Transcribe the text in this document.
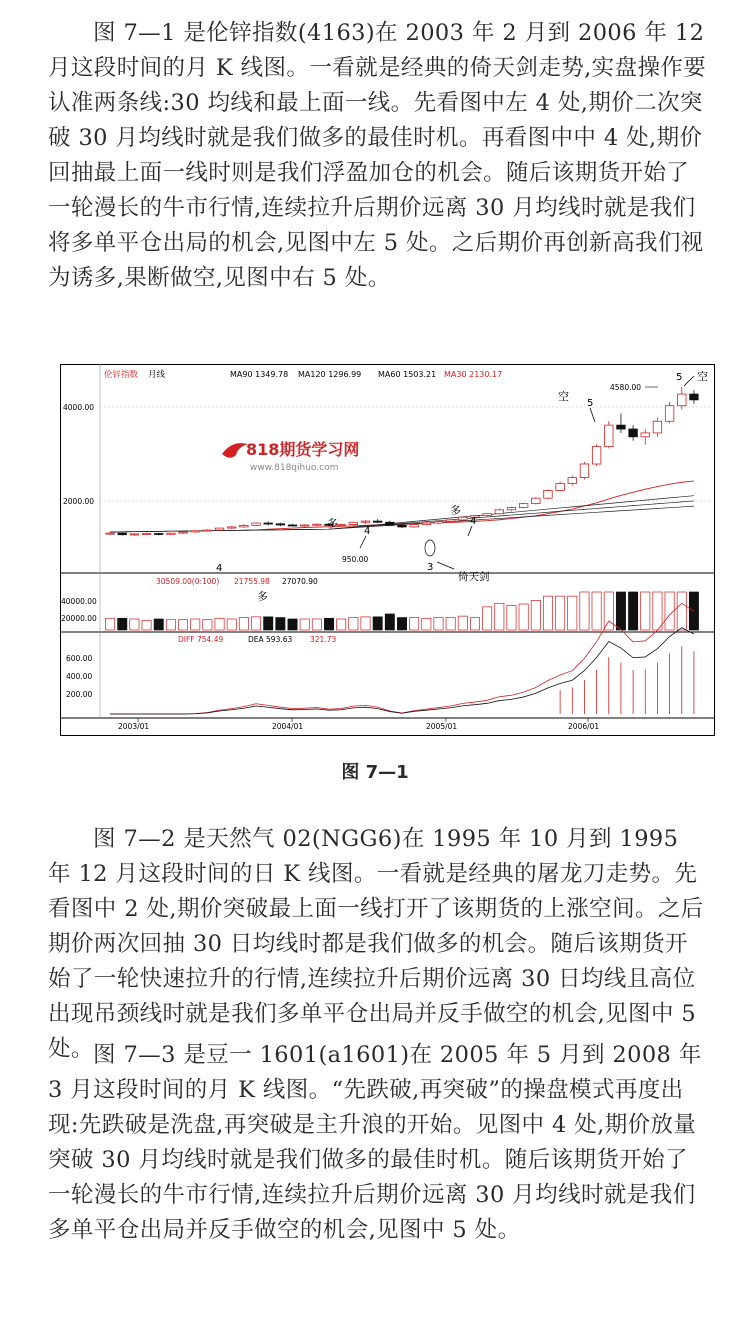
图 7—1 是伦锌指数(4163)在 2003 年 2 月到 2006 年 12 月这段时间的月 K 线图。一看就是经典的倚天剑走势,实盘操作要认准两条线:30 均线和最上面一线。先看图中左 4 处,期价二次突破 30 月均线时就是我们做多的最佳时机。再看图中中 4 处,期价回抽最上面一线时则是我们浮盈加仓的机会。随后该期货开始了一轮漫长的牛市行情,连续拉升后期价远离 30 月均线时就是我们将多单平仓出局的机会,见图中左 5 处。之后期价再创新高我们视为诱多,果断做空,见图中右 5 处。

伦锌指数 月线	MA90 1349.78 MA120 1296.99 MA60 1503.21 MA30 2130.17
4000.00
2000.00
818期货学习网
www.818qihuo.com
多
4
4
多
950.00
3
倚天剑
多
4
空
5
4580.00
5 空
30509.00(0:100) 21755.98 27070.90
40000.00
20000.00
DIFF 754.49	DEA 593.63 321.73
600.00
400.00
200.00
2003/01	2004/01	2005/01	2006/01
图 7—1

图 7—2 是天然气 02(NGG6)在 1995 年 10 月到 1995 年 12 月这段时间的日 K 线图。一看就是经典的屠龙刀走势。先看图中 2 处,期价突破最上面一线打开了该期货的上涨空间。之后期价两次回抽 30 日均线时都是我们做多的机会。随后该期货开始了一轮快速拉升的行情,连续拉升后期价远离 30 日均线且高位出现吊颈线时就是我们多单平仓出局并反手做空的机会,见图中 5 处。 图 7—3 是豆一 1601(a1601)在 2005 年 5 月到 2008 年 3 月这段时间的月 K 线图。“先跌破,再突破”的操盘模式再度出现:先跌破是洗盘,再突破是主升浪的开始。见图中 4 处,期价放量突破 30 月均线时就是我们做多的最佳时机。随后该期货开始了一轮漫长的牛市行情,连续拉升后期价远离 30 月均线时就是我们多单平仓出局并反手做空的机会,见图中 5 处。
